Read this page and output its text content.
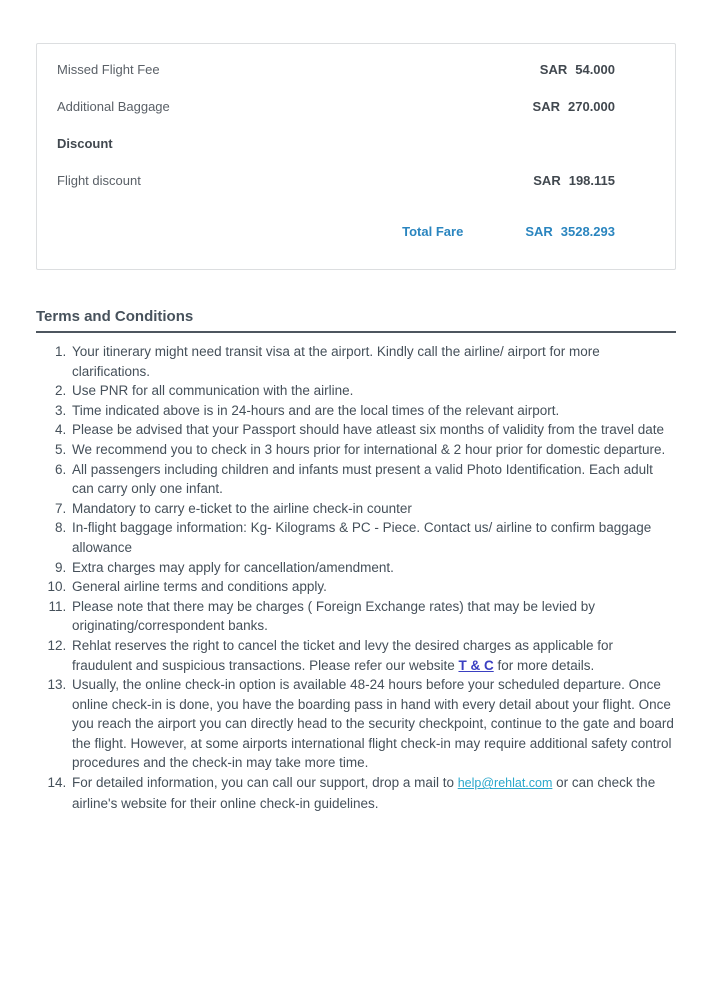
Missed Flight Fee	SAR 54.000
Additional Baggage	SAR 270.000
Discount
Flight discount	SAR 198.115
Total Fare	SAR 3528.293
Terms and Conditions
1. Your itinerary might need transit visa at the airport. Kindly call the airline/ airport for more clarifications.
2. Use PNR for all communication with the airline.
3. Time indicated above is in 24-hours and are the local times of the relevant airport.
4. Please be advised that your Passport should have atleast six months of validity from the travel date
5. We recommend you to check in 3 hours prior for international & 2 hour prior for domestic departure.
6. All passengers including children and infants must present a valid Photo Identification. Each adult can carry only one infant.
7. Mandatory to carry e-ticket to the airline check-in counter
8. In-flight baggage information: Kg- Kilograms & PC - Piece. Contact us/ airline to confirm baggage allowance
9. Extra charges may apply for cancellation/amendment.
10. General airline terms and conditions apply.
11. Please note that there may be charges ( Foreign Exchange rates) that may be levied by originating/correspondent banks.
12. Rehlat reserves the right to cancel the ticket and levy the desired charges as applicable for fraudulent and suspicious transactions. Please refer our website T & C for more details.
13. Usually, the online check-in option is available 48-24 hours before your scheduled departure. Once online check-in is done, you have the boarding pass in hand with every detail about your flight. Once you reach the airport you can directly head to the security checkpoint, continue to the gate and board the flight. However, at some airports international flight check-in may require additional safety control procedures and the check-in may take more time.
14. For detailed information, you can call our support, drop a mail to help@rehlat.com or can check the airline's website for their online check-in guidelines.
